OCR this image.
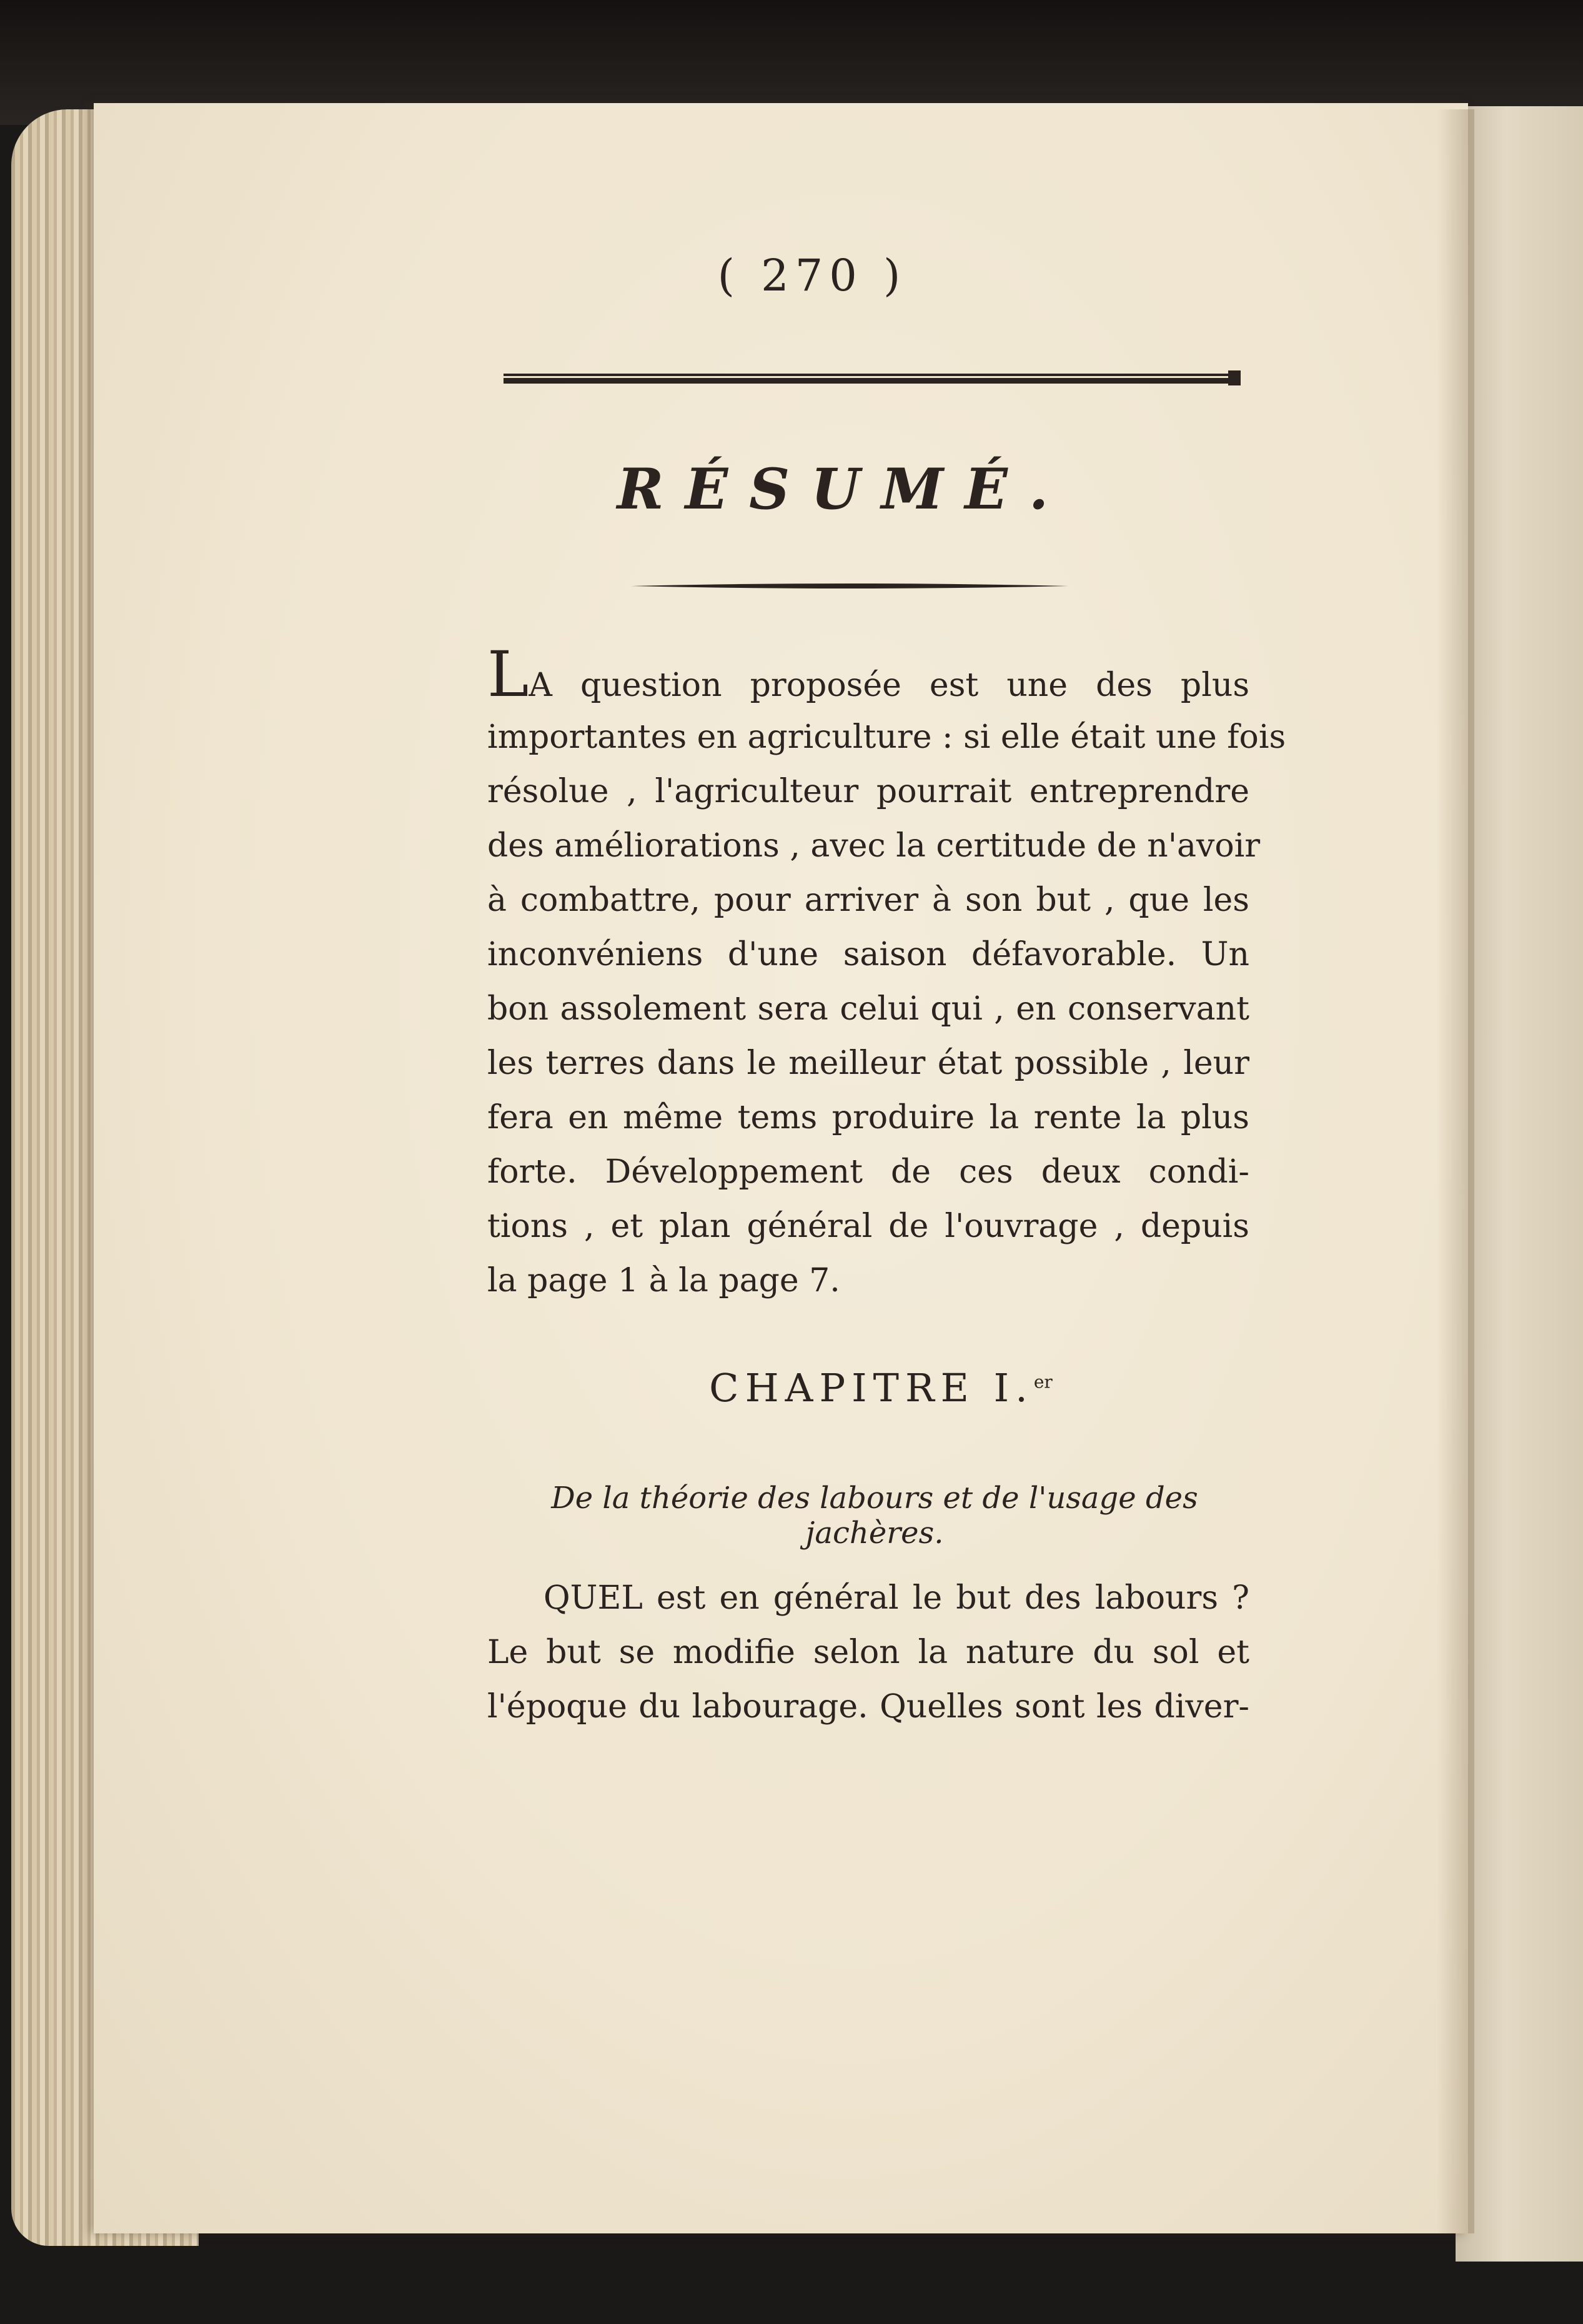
( 270 )
RÉSUMÉ.
LA question proposée est une des plus
importantes en agriculture : si elle était une fois
résolue , l'agriculteur pourrait entreprendre
des améliorations , avec la certitude de n'avoir
à combattre, pour arriver à son but , que les
inconvéniens d'une saison défavorable. Un
bon assolement sera celui qui , en conservant
les terres dans le meilleur état possible , leur
fera en même tems produire la rente la plus
forte. Développement de ces deux condi-
tions , et plan général de l'ouvrage , depuis
la page 1 à la page 7.
CHAPITRE I.$^{er}$
De la théorie des labours et de l'usage des jachères.
QUEL est en général le but des labours ?
Le but se modifie selon la nature du sol et
l'époque du labourage. Quelles sont les diver-
